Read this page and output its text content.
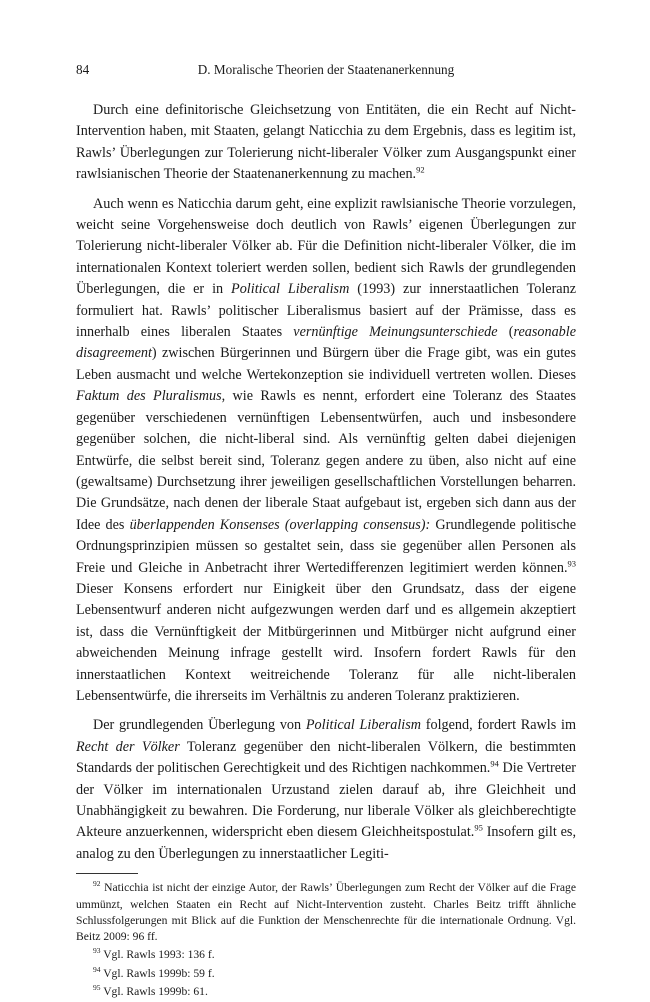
84	D. Moralische Theorien der Staatenanerkennung

Durch eine definitorische Gleichsetzung von Entitäten, die ein Recht auf Nicht-Intervention haben, mit Staaten, gelangt Naticchia zu dem Ergebnis, dass es legitim ist, Rawls’ Überlegungen zur Tolerierung nicht-liberaler Völker zum Ausgangspunkt einer rawlsianischen Theorie der Staatenanerkennung zu machen.$^{92}$

Auch wenn es Naticchia darum geht, eine explizit rawlsianische Theorie vorzulegen, weicht seine Vorgehensweise doch deutlich von Rawls’ eigenen Überlegungen zur Tolerierung nicht-liberaler Völker ab. Für die Definition nicht-liberaler Völker, die im internationalen Kontext toleriert werden sollen, bedient sich Rawls der grundlegenden Überlegungen, die er in Political Liberalism (1993) zur innerstaatlichen Toleranz formuliert hat. Rawls’ politischer Liberalismus basiert auf der Prämisse, dass es innerhalb eines liberalen Staates vernünftige Meinungsunterschiede (reasonable disagreement) zwischen Bürgerinnen und Bürgern über die Frage gibt, was ein gutes Leben ausmacht und welche Wertekonzeption sie individuell vertreten wollen. Dieses Faktum des Pluralismus, wie Rawls es nennt, erfordert eine Toleranz des Staates gegenüber verschiedenen vernünftigen Lebensentwürfen, auch und insbesondere gegenüber solchen, die nicht-liberal sind. Als vernünftig gelten dabei diejenigen Entwürfe, die selbst bereit sind, Toleranz gegen andere zu üben, also nicht auf eine (gewaltsame) Durchsetzung ihrer jeweiligen gesellschaftlichen Vorstellungen beharren. Die Grundsätze, nach denen der liberale Staat aufgebaut ist, ergeben sich dann aus der Idee des überlappenden Konsenses (overlapping consensus): Grundlegende politische Ordnungsprinzipien müssen so gestaltet sein, dass sie gegenüber allen Personen als Freie und Gleiche in Anbetracht ihrer Wertedifferenzen legitimiert werden können.$^{93}$ Dieser Konsens erfordert nur Einigkeit über den Grundsatz, dass der eigene Lebensentwurf anderen nicht aufgezwungen werden darf und es allgemein akzeptiert ist, dass die Vernünftigkeit der Mitbürgerinnen und Mitbürger nicht aufgrund einer abweichenden Meinung infrage gestellt wird. Insofern fordert Rawls für den innerstaatlichen Kontext weitreichende Toleranz für alle nicht-liberalen Lebensentwürfe, die ihrerseits im Verhältnis zu anderen Toleranz praktizieren.

Der grundlegenden Überlegung von Political Liberalism folgend, fordert Rawls im Recht der Völker Toleranz gegenüber den nicht-liberalen Völkern, die bestimmten Standards der politischen Gerechtigkeit und des Richtigen nachkommen.$^{94}$ Die Vertreter der Völker im internationalen Urzustand zielen darauf ab, ihre Gleichheit und Unabhängigkeit zu bewahren. Die Forderung, nur liberale Völker als gleichberechtigte Akteure anzuerkennen, widerspricht eben diesem Gleichheitspostulat.$^{95}$ Insofern gilt es, analog zu den Überlegungen zu innerstaatlicher Legiti-

$^{92}$ Naticchia ist nicht der einzige Autor, der Rawls’ Überlegungen zum Recht der Völker auf die Frage ummünzt, welchen Staaten ein Recht auf Nicht-Intervention zusteht. Charles Beitz trifft ähnliche Schlussfolgerungen mit Blick auf die Funktion der Menschenrechte für die internationale Ordnung. Vgl. Beitz 2009: 96 ff.

$^{93}$ Vgl. Rawls 1993: 136 f.

$^{94}$ Vgl. Rawls 1999b: 59 f.

$^{95}$ Vgl. Rawls 1999b: 61.
